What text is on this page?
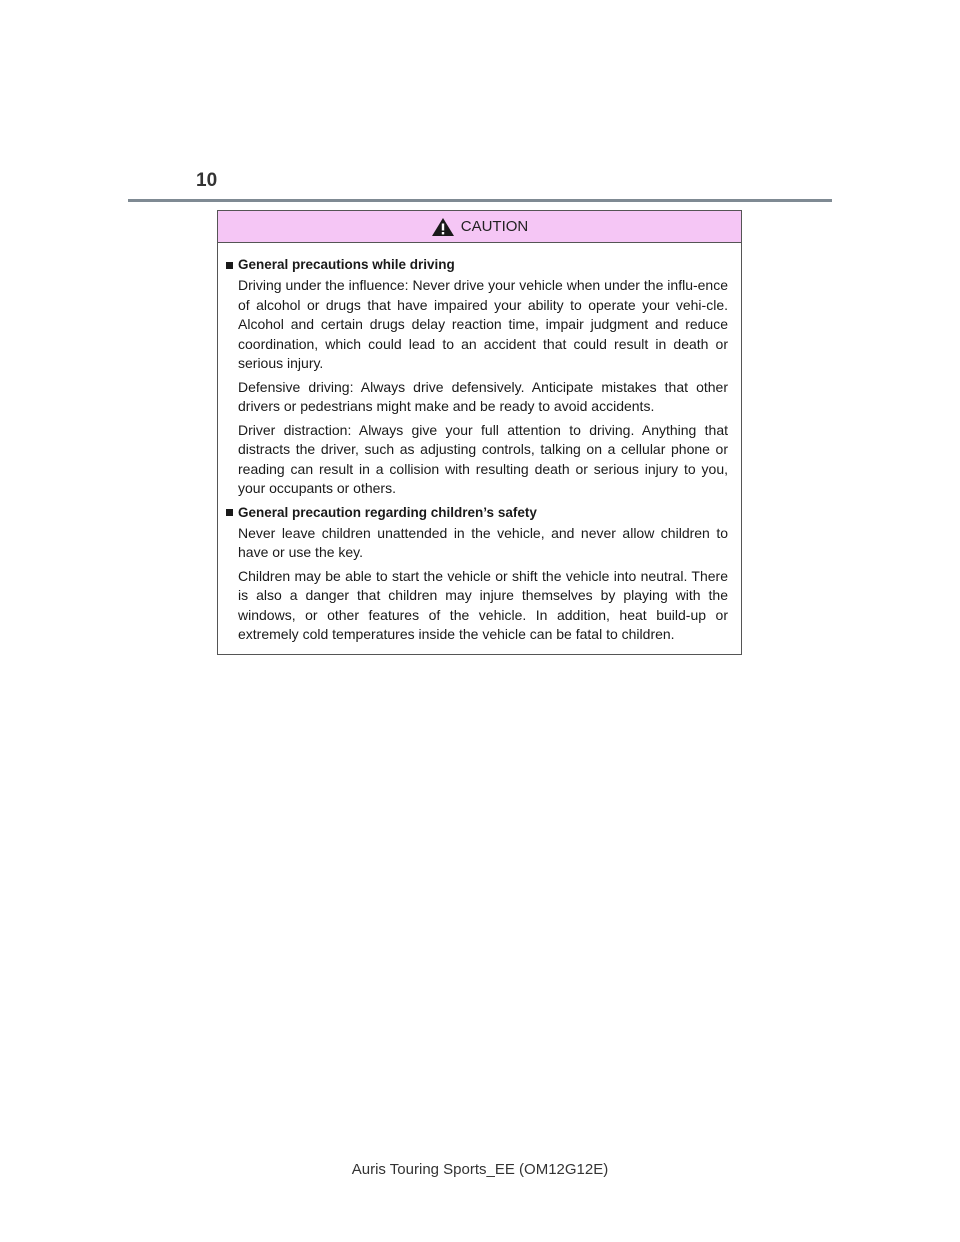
10
CAUTION
General precautions while driving

Driving under the influence: Never drive your vehicle when under the influ-ence of alcohol or drugs that have impaired your ability to operate your vehi-cle. Alcohol and certain drugs delay reaction time, impair judgment and reduce coordination, which could lead to an accident that could result in death or serious injury.

Defensive driving: Always drive defensively. Anticipate mistakes that other drivers or pedestrians might make and be ready to avoid accidents.

Driver distraction: Always give your full attention to driving. Anything that distracts the driver, such as adjusting controls, talking on a cellular phone or reading can result in a collision with resulting death or serious injury to you, your occupants or others.

General precaution regarding children’s safety

Never leave children unattended in the vehicle, and never allow children to have or use the key.

Children may be able to start the vehicle or shift the vehicle into neutral. There is also a danger that children may injure themselves by playing with the windows, or other features of the vehicle. In addition, heat build-up or extremely cold temperatures inside the vehicle can be fatal to children.

Auris Touring Sports_EE (OM12G12E)
